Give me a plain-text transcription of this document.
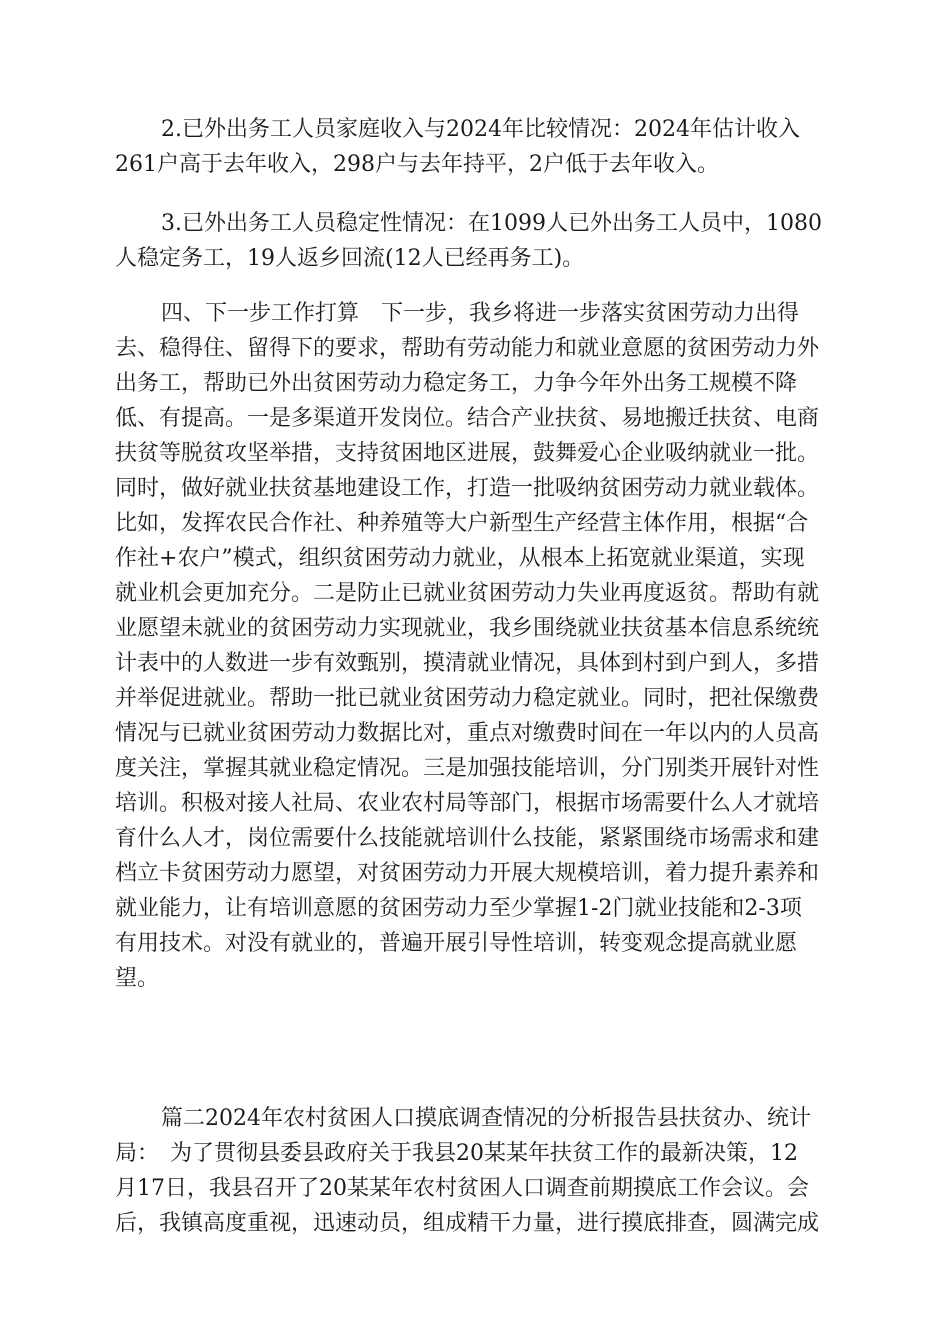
2.已外出务工人员家庭收入与2024年比较情况：2024年估计收入
261户高于去年收入，298户与去年持平，2户低于去年收入。
3.已外出务工人员稳定性情况：在1099人已外出务工人员中，1080
人稳定务工，19人返乡回流(12人已经再务工)。
四、下一步工作打算　下一步，我乡将进一步落实贫困劳动力出得
去、稳得住、留得下的要求，帮助有劳动能力和就业意愿的贫困劳动力外
出务工，帮助已外出贫困劳动力稳定务工，力争今年外出务工规模不降
低、有提高。一是多渠道开发岗位。结合产业扶贫、易地搬迁扶贫、电商
扶贫等脱贫攻坚举措，支持贫困地区进展，鼓舞爱心企业吸纳就业一批。
同时，做好就业扶贫基地建设工作，打造一批吸纳贫困劳动力就业载体。
比如，发挥农民合作社、种养殖等大户新型生产经营主体作用，根据“合
作社+农户”模式，组织贫困劳动力就业，从根本上拓宽就业渠道，实现
就业机会更加充分。二是防止已就业贫困劳动力失业再度返贫。帮助有就
业愿望未就业的贫困劳动力实现就业，我乡围绕就业扶贫基本信息系统统
计表中的人数进一步有效甄别，摸清就业情况，具体到村到户到人，多措
并举促进就业。帮助一批已就业贫困劳动力稳定就业。同时，把社保缴费
情况与已就业贫困劳动力数据比对，重点对缴费时间在一年以内的人员高
度关注，掌握其就业稳定情况。三是加强技能培训，分门别类开展针对性
培训。积极对接人社局、农业农村局等部门，根据市场需要什么人才就培
育什么人才，岗位需要什么技能就培训什么技能，紧紧围绕市场需求和建
档立卡贫困劳动力愿望，对贫困劳动力开展大规模培训，着力提升素养和
就业能力，让有培训意愿的贫困劳动力至少掌握1-2门就业技能和2-3项
有用技术。对没有就业的，普遍开展引导性培训，转变观念提高就业愿
望。
篇二2024年农村贫困人口摸底调查情况的分析报告县扶贫办、统计
局：　为了贯彻县委县政府关于我县20某某年扶贫工作的最新决策，12
月17日，我县召开了20某某年农村贫困人口调查前期摸底工作会议。会
后，我镇高度重视，迅速动员，组成精干力量，进行摸底排查，圆满完成
